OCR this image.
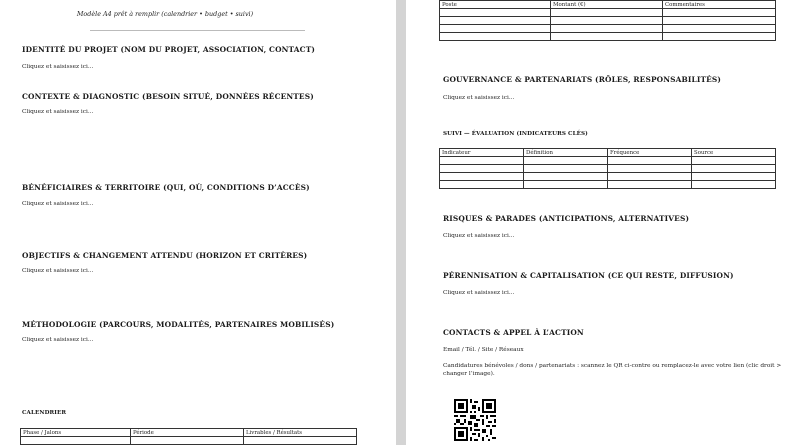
Modèle A4 prêt à remplir (calendrier • budget • suivi)
IDENTITÉ DU PROJET (NOM DU PROJET, ASSOCIATION, CONTACT)
Cliquez et saisissez ici...
CONTEXTE & DIAGNOSTIC (BESOIN SITUÉ, DONNÉES RÉCENTES)
Cliquez et saisissez ici...
BÉNÉFICIAIRES & TERRITOIRE (QUI, OÙ, CONDITIONS D’ACCÈS)
Cliquez et saisissez ici...
OBJECTIFS & CHANGEMENT ATTENDU (HORIZON ET CRITÈRES)
Cliquez et saisissez ici...
MÉTHODOLOGIE (PARCOURS, MODALITÉS, PARTENAIRES MOBILISÉS)
Cliquez et saisissez ici...
CALENDRIER
Phase / Jalons	Période	Livrables / Résultats

Poste	Montant (€)	Commentaires

GOUVERNANCE & PARTENARIATS (RÔLES, RESPONSABILITÉS)
Cliquez et saisissez ici...
SUIVI — ÉVALUATION (INDICATEURS CLÉS)
Indicateur	Définition	Fréquence	Source

RISQUES & PARADES (ANTICIPATIONS, ALTERNATIVES)
Cliquez et saisissez ici...
PÉRENNISATION & CAPITALISATION (CE QUI RESTE, DIFFUSION)
Cliquez et saisissez ici...
CONTACTS & APPEL À L’ACTION
Email / Tél. / Site / Réseaux
Candidatures bénévoles / dons / partenariats : scannez le QR ci-contre ou remplacez-le avec votre lien (clic droit > changer l’image).
